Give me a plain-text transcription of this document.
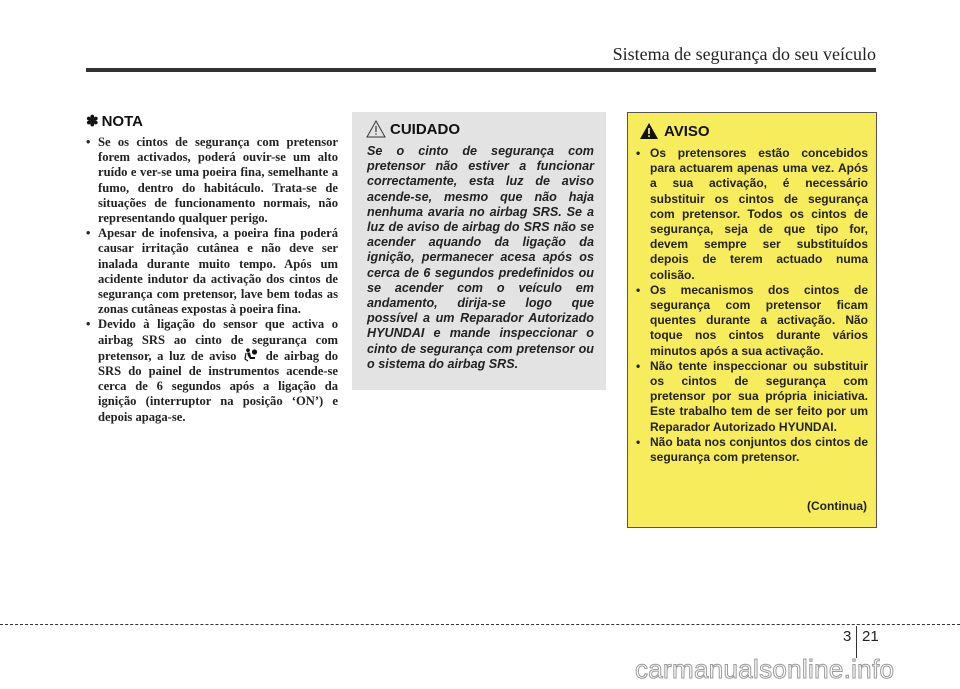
Sistema de segurança do seu veículo
✽ NOTA
• Se os cintos de segurança com pretensor forem activados, poderá ouvir-se um alto ruído e ver-se uma poeira fina, semelhante a fumo, dentro do habitáculo. Trata-se de situações de funcionamento normais, não representando qualquer perigo.
• Apesar de inofensiva, a poeira fina poderá causar irritação cutânea e não deve ser inalada durante muito tempo. Após um acidente indutor da activação dos cintos de segurança com pretensor, lave bem todas as zonas cutâneas expostas à poeira fina.
• Devido à ligação do sensor que activa o airbag SRS ao cinto de segurança com pretensor, a luz de aviso de airbag do SRS do painel de instrumentos acende-se cerca de 6 segundos após a ligação da ignição (interruptor na posição ‘ON’) e depois apaga-se.
CUIDADO
Se o cinto de segurança com pretensor não estiver a funcionar correctamente, esta luz de aviso acende-se, mesmo que não haja nenhuma avaria no airbag SRS. Se a luz de aviso de airbag do SRS não se acender aquando da ligação da ignição, permanecer acesa após os cerca de 6 segundos predefinidos ou se acender com o veículo em andamento, dirija-se logo que possível a um Reparador Autorizado HYUNDAI e mande inspeccionar o cinto de segurança com pretensor ou o sistema do airbag SRS.
AVISO
• Os pretensores estão concebidos para actuarem apenas uma vez. Após a sua activação, é necessário substituir os cintos de segurança com pretensor. Todos os cintos de segurança, seja de que tipo for, devem sempre ser substituídos depois de terem actuado numa colisão.
• Os mecanismos dos cintos de segurança com pretensor ficam quentes durante a activação. Não toque nos cintos durante vários minutos após a sua activação.
• Não tente inspeccionar ou substituir os cintos de segurança com pretensor por sua própria iniciativa. Este trabalho tem de ser feito por um Reparador Autorizado HYUNDAI.
• Não bata nos conjuntos dos cintos de segurança com pretensor.
(Continua)
3 21
carmanualsonline.info
